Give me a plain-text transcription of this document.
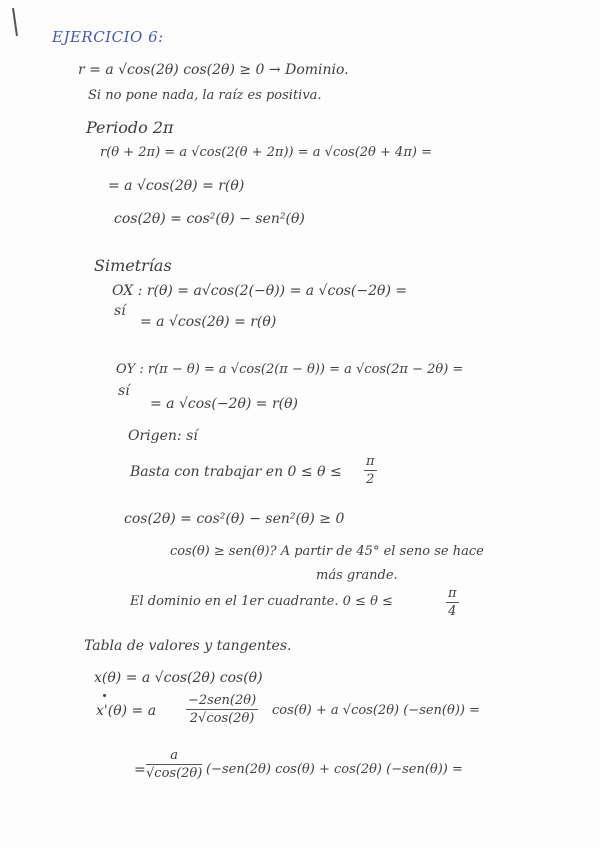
EJERCICIO 6:
r = a √cos(2θ) cos(2θ) ≥ 0 → Dominio.
Si no pone nada, la raíz es positiva.
Periodo 2π
r(θ + 2π) = a √cos(2(θ + 2π)) = a √cos(2θ + 4π) =
= a √cos(2θ) = r(θ)
cos(2θ) = cos²(θ) − sen²(θ)
Simetrías
OX : r(θ) = a√cos(2(−θ)) = a √cos(−2θ) =
sí
= a √cos(2θ) = r(θ)
OY : r(π − θ) = a √cos(2(π − θ)) = a √cos(2π − 2θ) =
sí
= a √cos(−2θ) = r(θ)
Origen: sí
Basta con trabajar en $0 \le \theta \le \frac{\pi}{2}$
cos(2θ) = cos²(θ) − sen²(θ) ≥ 0
cos(θ) ≥ sen(θ)? A partir de 45° el seno se hace
más grande.
El dominio en el 1er cuadrante. 0 ≤ θ ≤	$\frac{\pi}{4}$
Tabla de valores y tangentes.
x(θ) = a √cos(2θ) cos(θ)
x'(θ) = a
−2sen(2θ)
2√cos(2θ)
cos(θ) + a √cos(2θ) (−sen(θ)) =
= $\frac{a}{√\cos(2\theta)} (-sen(2\theta) \cos(\theta) + \cos(2\theta) (-sen(\theta))$ =
